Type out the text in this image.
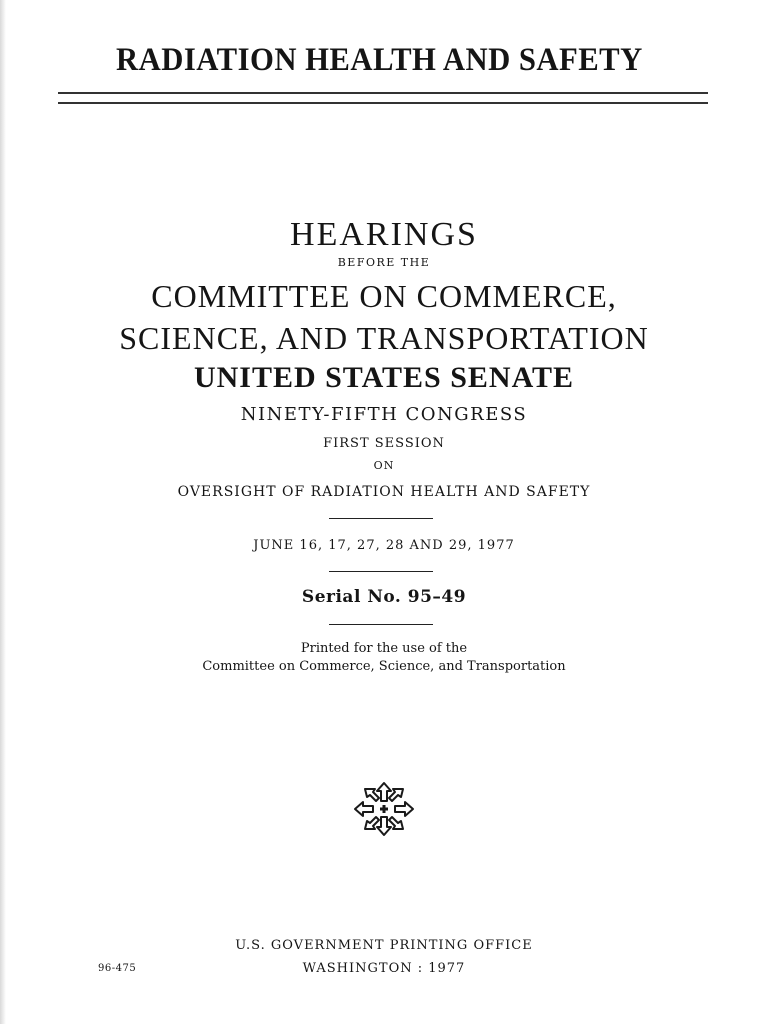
RADIATION HEALTH AND SAFETY
HEARINGS
BEFORE THE
COMMITTEE ON COMMERCE,
SCIENCE, AND TRANSPORTATION
UNITED STATES SENATE
NINETY-FIFTH CONGRESS
FIRST SESSION
ON
OVERSIGHT OF RADIATION HEALTH AND SAFETY
JUNE 16, 17, 27, 28 AND 29, 1977
Serial No. 95–49
Printed for the use of the
Committee on Commerce, Science, and Transportation
U.S. GOVERNMENT PRINTING OFFICE
WASHINGTON : 1977
96-475
